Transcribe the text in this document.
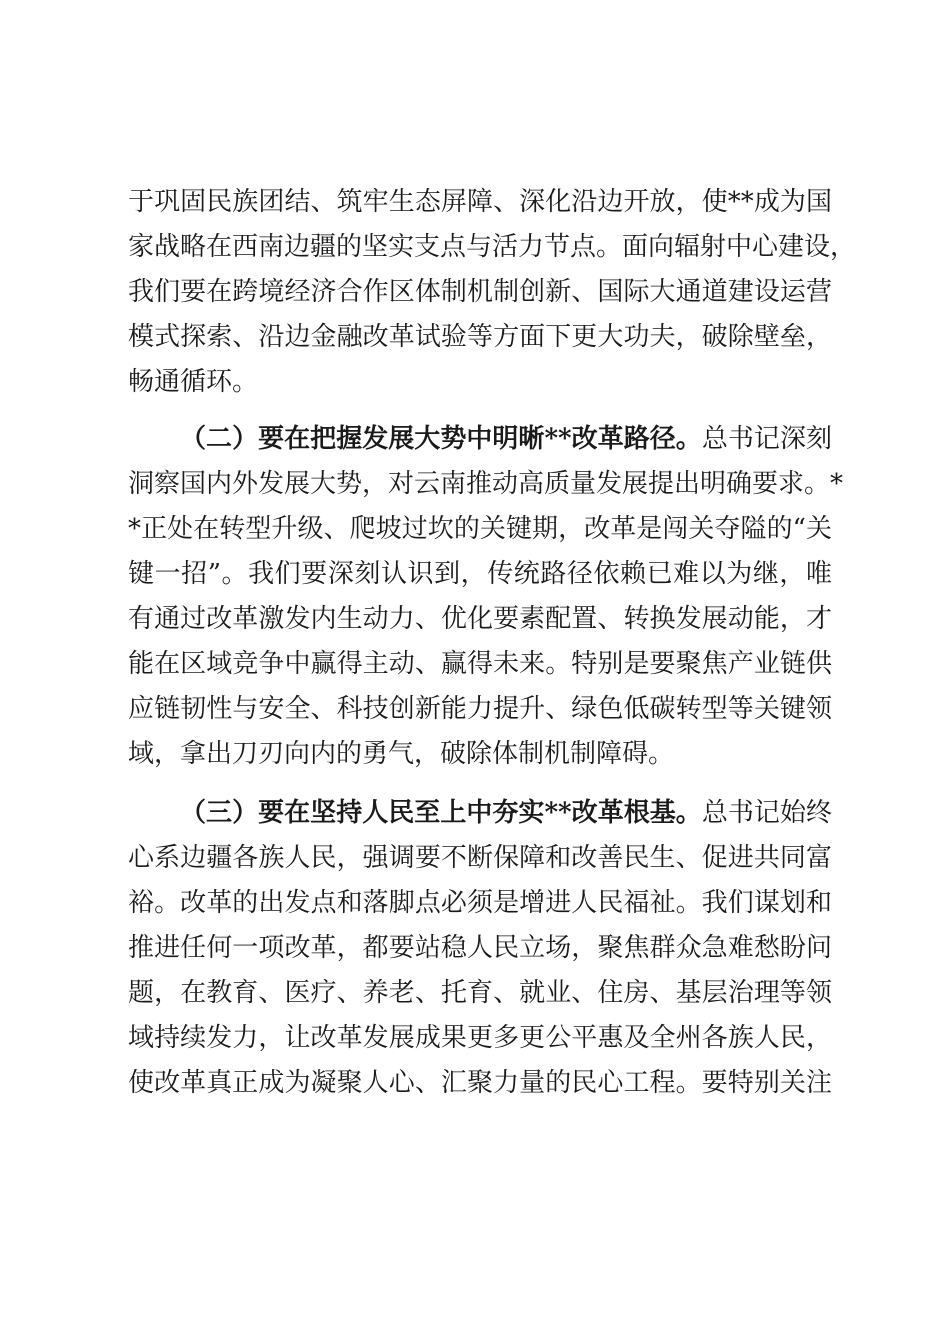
于巩固民族团结、筑牢生态屏障、深化沿边开放，使**成为国
家战略在西南边疆的坚实支点与活力节点。面向辐射中心建设，
我们要在跨境经济合作区体制机制创新、国际大通道建设运营
模式探索、沿边金融改革试验等方面下更大功夫，破除壁垒，
畅通循环。
（二）要在把握发展大势中明晰**改革路径。总书记深刻
洞察国内外发展大势，对云南推动高质量发展提出明确要求。*
*正处在转型升级、爬坡过坎的关键期，改革是闯关夺隘的“关
键一招”。我们要深刻认识到，传统路径依赖已难以为继，唯
有通过改革激发内生动力、优化要素配置、转换发展动能，才
能在区域竞争中赢得主动、赢得未来。特别是要聚焦产业链供
应链韧性与安全、科技创新能力提升、绿色低碳转型等关键领
域，拿出刀刃向内的勇气，破除体制机制障碍。
（三）要在坚持人民至上中夯实**改革根基。总书记始终
心系边疆各族人民，强调要不断保障和改善民生、促进共同富
裕。改革的出发点和落脚点必须是增进人民福祉。我们谋划和
推进任何一项改革，都要站稳人民立场，聚焦群众急难愁盼问
题，在教育、医疗、养老、托育、就业、住房、基层治理等领
域持续发力，让改革发展成果更多更公平惠及全州各族人民，
使改革真正成为凝聚人心、汇聚力量的民心工程。要特别关注
